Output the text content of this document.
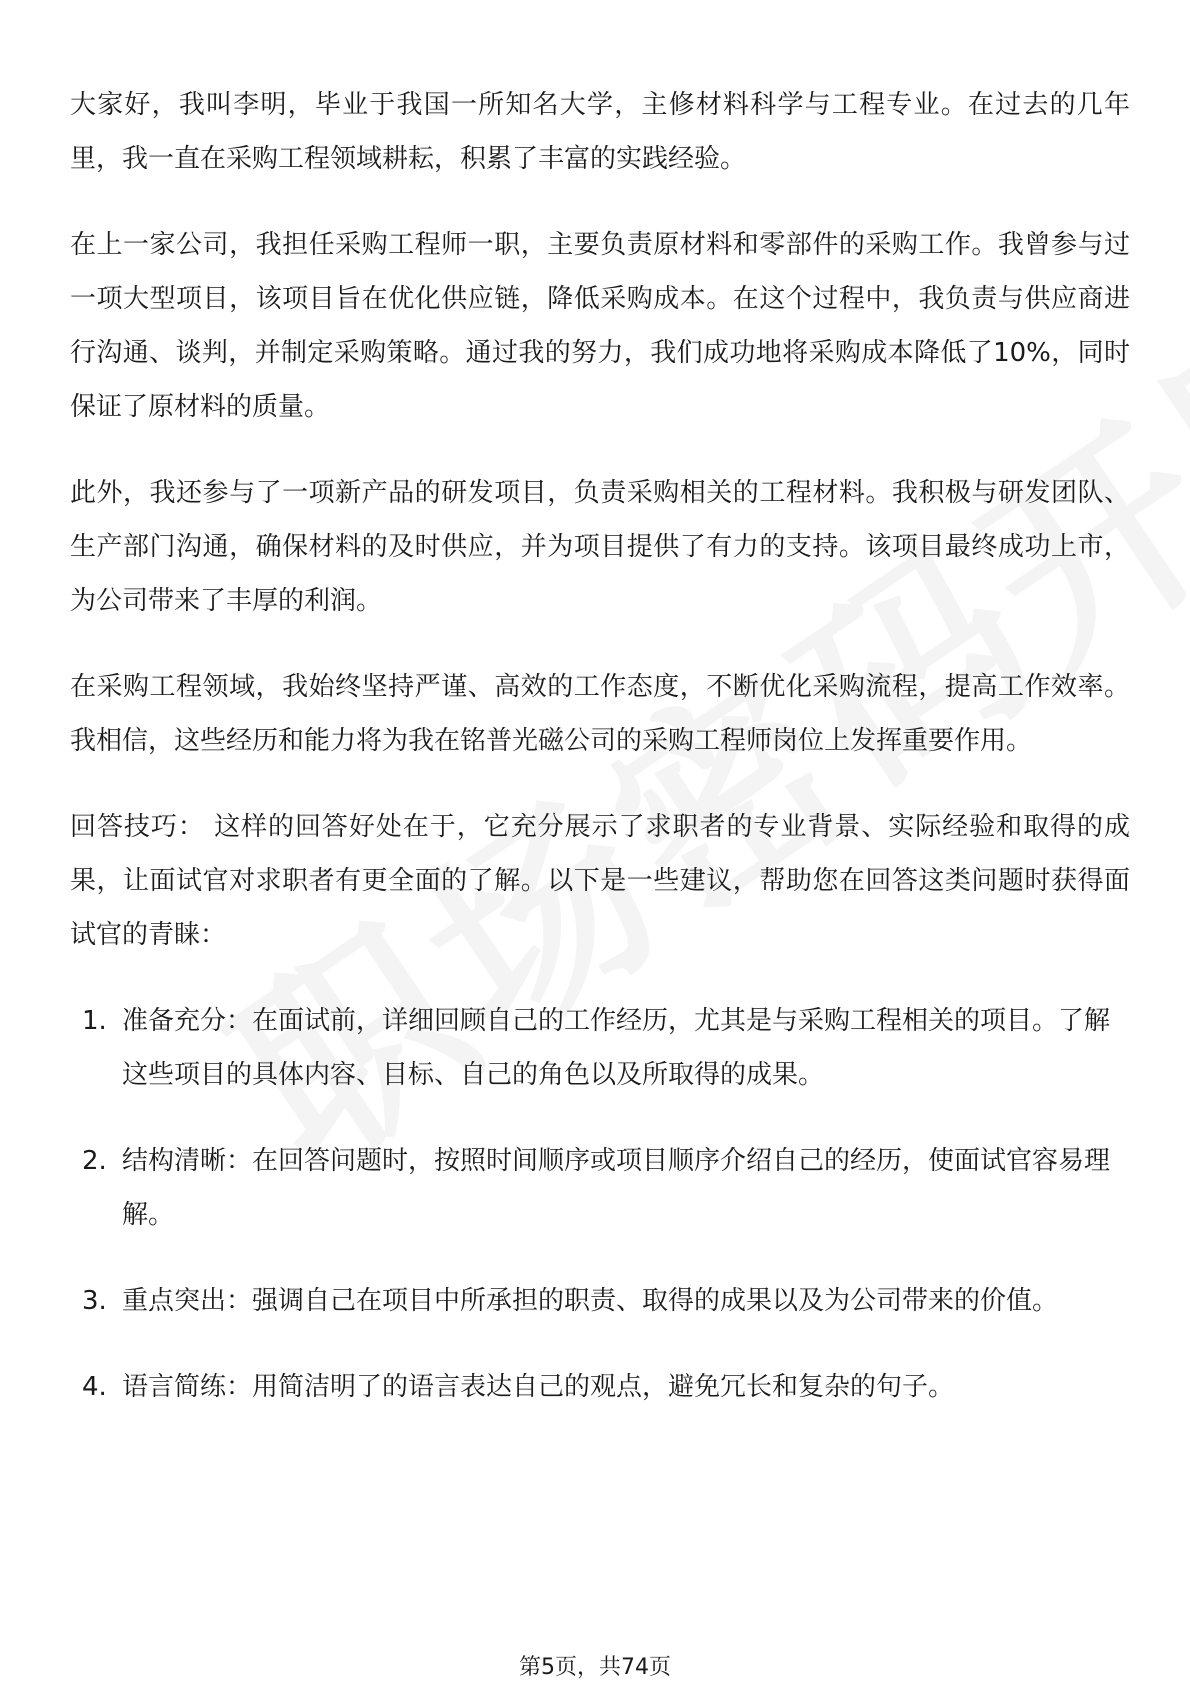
大家好，我叫李明，毕业于我国一所知名大学，主修材料科学与工程专业。在过去的几年里，我一直在采购工程领域耕耘，积累了丰富的实践经验。

在上一家公司，我担任采购工程师一职，主要负责原材料和零部件的采购工作。我曾参与过一项大型项目，该项目旨在优化供应链，降低采购成本。在这个过程中，我负责与供应商进行沟通、谈判，并制定采购策略。通过我的努力，我们成功地将采购成本降低了10%，同时保证了原材料的质量。

此外，我还参与了一项新产品的研发项目，负责采购相关的工程材料。我积极与研发团队、生产部门沟通，确保材料的及时供应，并为项目提供了有力的支持。该项目最终成功上市，为公司带来了丰厚的利润。

在采购工程领域，我始终坚持严谨、高效的工作态度，不断优化采购流程，提高工作效率。我相信，这些经历和能力将为我在铭普光磁公司的采购工程师岗位上发挥重要作用。

回答技巧： 这样的回答好处在于，它充分展示了求职者的专业背景、实际经验和取得的成果，让面试官对求职者有更全面的了解。以下是一些建议，帮助您在回答这类问题时获得面试官的青睐：

1. 准备充分：在面试前，详细回顾自己的工作经历，尤其是与采购工程相关的项目。了解这些项目的具体内容、目标、自己的角色以及所取得的成果。
2. 结构清晰：在回答问题时，按照时间顺序或项目顺序介绍自己的经历，使面试官容易理解。
3. 重点突出：强调自己在项目中所承担的职责、取得的成果以及为公司带来的价值。
4. 语言简练：用简洁明了的语言表达自己的观点，避免冗长和复杂的句子。
第5页，共74页
